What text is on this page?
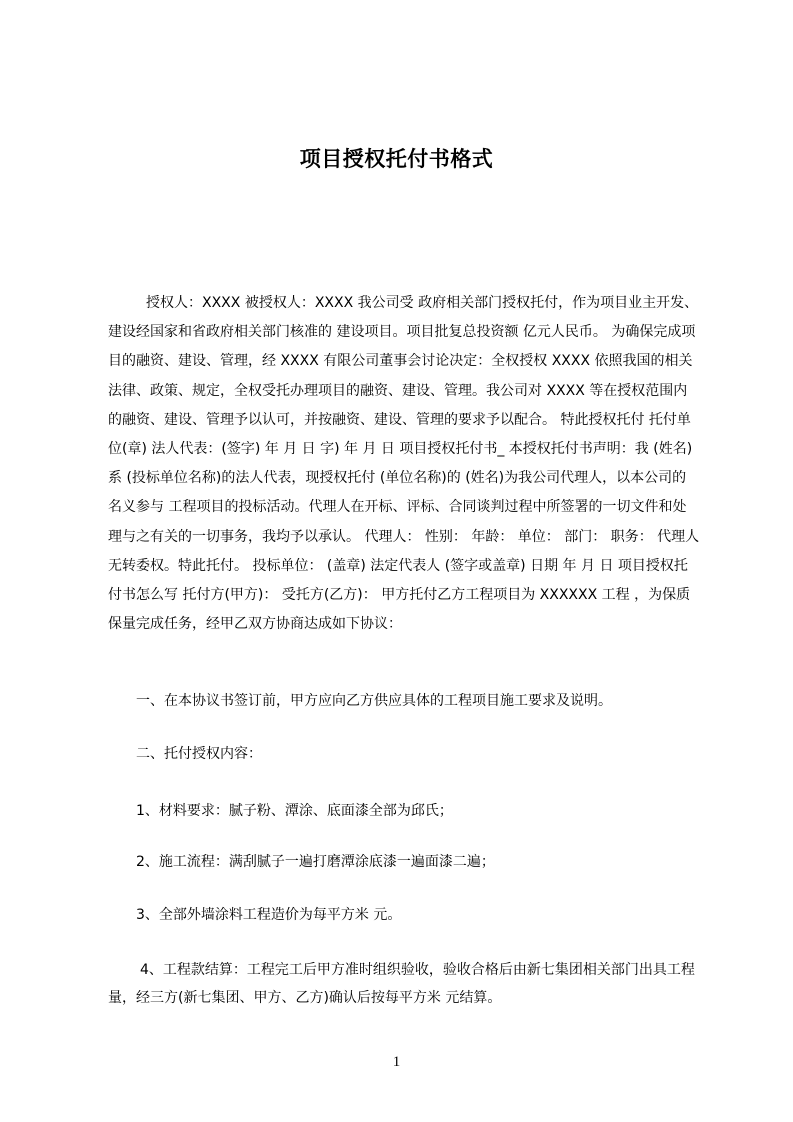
项目授权托付书格式

授权人：XXXX 被授权人：XXXX 我公司受 政府相关部门授权托付，作为项目业主开发、建设经国家和省政府相关部门核准的 建设项目。项目批复总投资额 亿元人民币。 为确保完成项目的融资、建设、管理，经 XXXX 有限公司董事会讨论决定：全权授权 XXXX 依照我国的相关法律、政策、规定，全权受托办理项目的融资、建设、管理。我公司对 XXXX 等在授权范围内的融资、建设、管理予以认可，并按融资、建设、管理的要求予以配合。 特此授权托付 托付单位(章) 法人代表：(签字) 年 月 日 字) 年 月 日 项目授权托付书_ 本授权托付书声明：我 (姓名) 系 (投标单位名称)的法人代表，现授权托付 (单位名称)的 (姓名)为我公司代理人，以本公司的名义参与 工程项目的投标活动。代理人在开标、评标、合同谈判过程中所签署的一切文件和处理与之有关的一切事务，我均予以承认。 代理人： 性别： 年龄： 单位： 部门： 职务： 代理人无转委权。特此托付。 投标单位： (盖章) 法定代表人 (签字或盖章) 日期 年 月 日 项目授权托付书怎么写 托付方(甲方)： 受托方(乙方)： 甲方托付乙方工程项目为 XXXXXX 工程 ，为保质保量完成任务，经甲乙双方协商达成如下协议：

一、在本协议书签订前，甲方应向乙方供应具体的工程项目施工要求及说明。

二、托付授权内容：

1、材料要求：腻子粉、潭涂、底面漆全部为邱氏；

2、施工流程：满刮腻子一遍打磨潭涂底漆一遍面漆二遍；

3、全部外墙涂料工程造价为每平方米 元。

4、工程款结算：工程完工后甲方准时组织验收，验收合格后由新七集团相关部门出具工程量，经三方(新七集团、甲方、乙方)确认后按每平方米 元结算。

1
